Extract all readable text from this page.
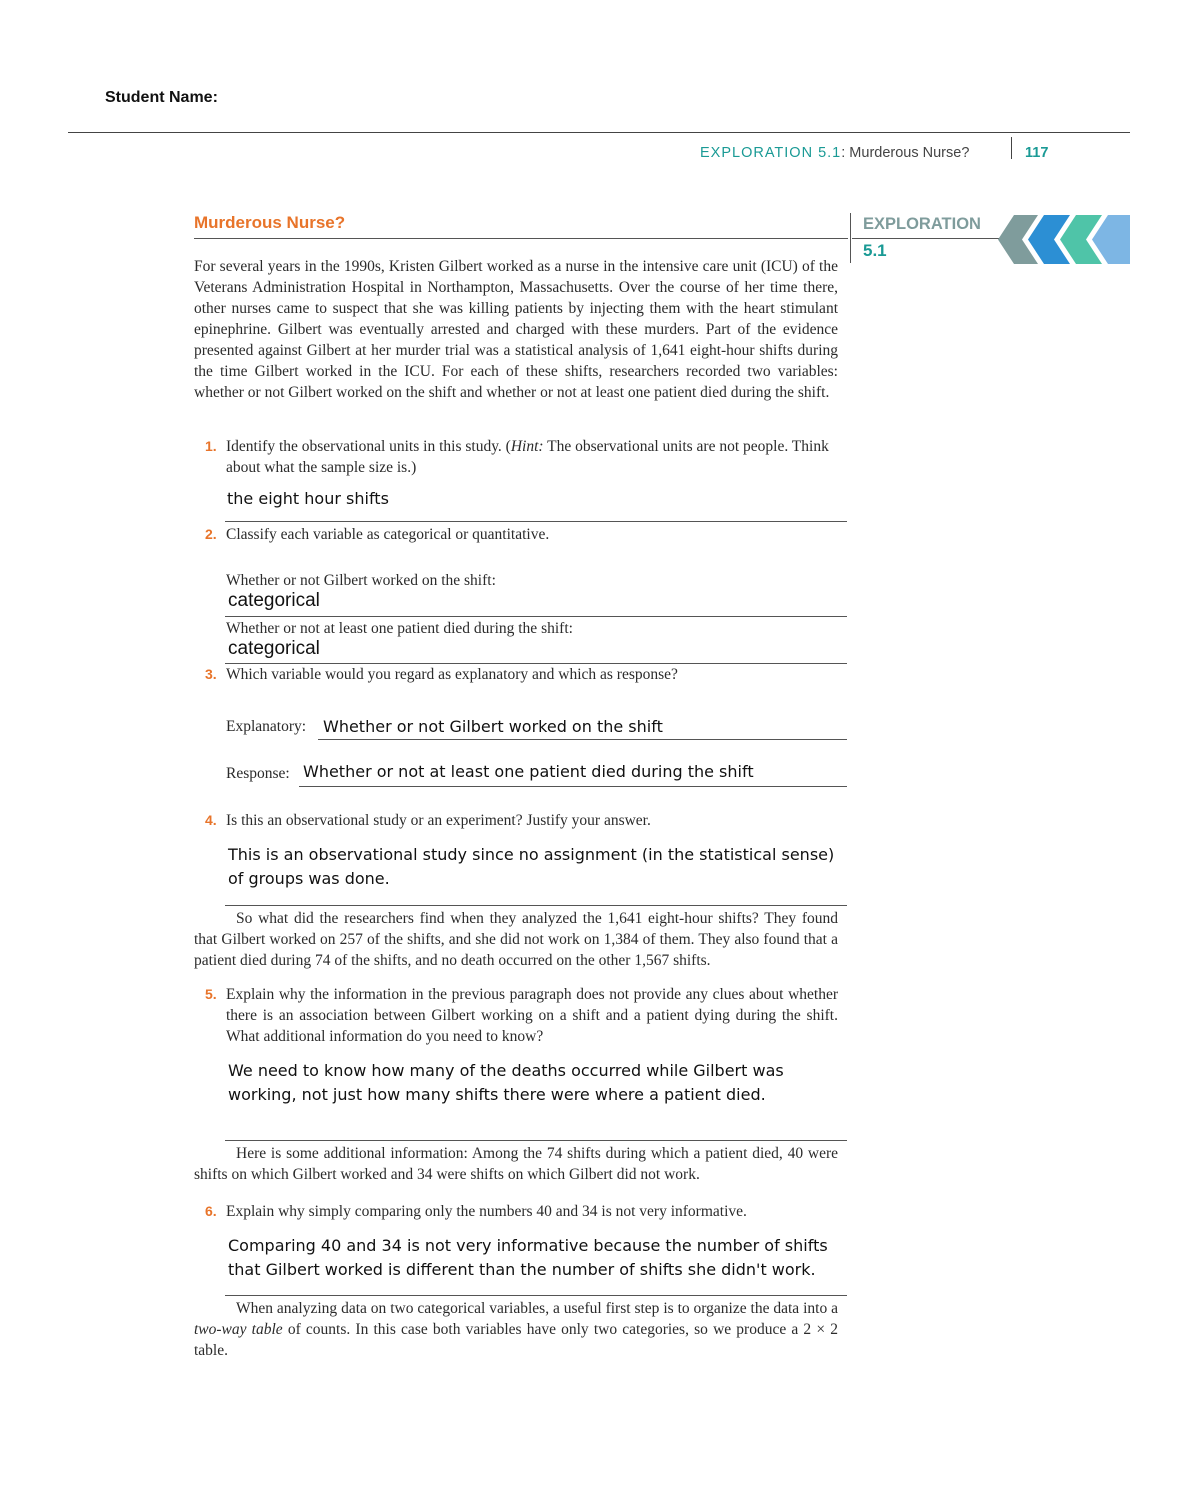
Student Name:
EXPLORATION 5.1: Murderous Nurse?	117
Murderous Nurse?	EXPLORATION
5.1
For several years in the 1990s, Kristen Gilbert worked as a nurse in the intensive care unit (ICU) of the Veterans Administration Hospital in Northampton, Massachusetts. Over the course of her time there, other nurses came to suspect that she was killing patients by injecting them with the heart stimulant epinephrine. Gilbert was eventually arrested and charged with these murders. Part of the evidence presented against Gilbert at her murder trial was a statistical analysis of 1,641 eight-hour shifts during the time Gilbert worked in the ICU. For each of these shifts, researchers recorded two variables: whether or not Gilbert worked on the shift and whether or not at least one patient died during the shift.
1. Identify the observational units in this study. (Hint: The observational units are not people. Think about what the sample size is.)
the eight hour shifts
2. Classify each variable as categorical or quantitative.
Whether or not Gilbert worked on the shift:
categorical
Whether or not at least one patient died during the shift:
categorical
3. Which variable would you regard as explanatory and which as response?
Explanatory: Whether or not Gilbert worked on the shift
Response: Whether or not at least one patient died during the shift
4. Is this an observational study or an experiment? Justify your answer.
This is an observational study since no assignment (in the statistical sense) of groups was done.
So what did the researchers find when they analyzed the 1,641 eight-hour shifts? They found that Gilbert worked on 257 of the shifts, and she did not work on 1,384 of them. They also found that a patient died during 74 of the shifts, and no death occurred on the other 1,567 shifts.
5. Explain why the information in the previous paragraph does not provide any clues about whether there is an association between Gilbert working on a shift and a patient dying during the shift. What additional information do you need to know?
We need to know how many of the deaths occurred while Gilbert was working, not just how many shifts there were where a patient died.
Here is some additional information: Among the 74 shifts during which a patient died, 40 were shifts on which Gilbert worked and 34 were shifts on which Gilbert did not work.
6. Explain why simply comparing only the numbers 40 and 34 is not very informative.
Comparing 40 and 34 is not very informative because the number of shifts that Gilbert worked is different than the number of shifts she didn't work.
When analyzing data on two categorical variables, a useful first step is to organize the data into a two-way table of counts. In this case both variables have only two categories, so we produce a 2 × 2 table.
